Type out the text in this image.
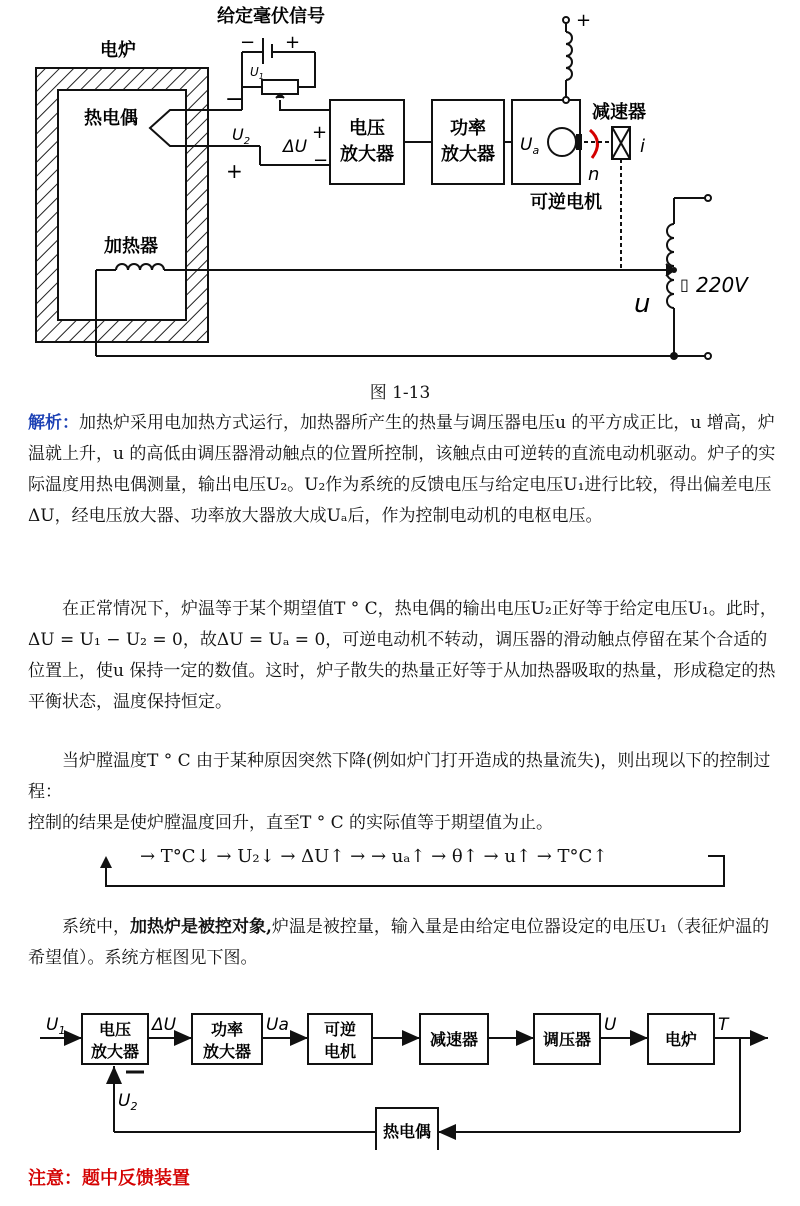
电炉
热电偶
$U_2$
−
+
给定毫伏信号
− +
$U_1$
ΔU
+
−
电压
放大器
功率
放大器 $U_a$
可逆电机
n
减速器
i
+
▯ 220V
u
加热器
图 1-13
解析：加热炉采用电加热方式运行，加热器所产生的热量与调压器电压u 的平方成正比，u 增高，炉温就上升，u 的高低由调压器滑动触点的位置所控制，该触点由可逆转的直流电动机驱动。炉子的实际温度用热电偶测量，输出电压U₂。U₂作为系统的反馈电压与给定电压U₁进行比较，得出偏差电压ΔU，经电压放大器、功率放大器放大成Uₐ后，作为控制电动机的电枢电压。
在正常情况下，炉温等于某个期望值T ° C，热电偶的输出电压U₂正好等于给定电压U₁。此时，ΔU = U₁ − U₂ = 0，故ΔU = Uₐ = 0，可逆电动机不转动，调压器的滑动触点停留在某个合适的位置上，使u 保持一定的数值。这时，炉子散失的热量正好等于从加热器吸取的热量，形成稳定的热平衡状态，温度保持恒定。
当炉膛温度T ° C 由于某种原因突然下降(例如炉门打开造成的热量流失)，则出现以下的控制过程：
控制的结果是使炉膛温度回升，直至T ° C 的实际值等于期望值为止。
→ T°C↓ → U₂↓ → ΔU↑ → → uₐ↑ → θ↑ → u↑ → T°C↑
系统中，加热炉是被控对象,炉温是被控量，输入量是由给定电位器设定的电压U₁（表征炉温的希望值）。系统方框图见下图。
$U_1$ 电压
放大器
ΔU 功率
放大器
Ua 可逆
电机
减速器	调压器
U
电炉
T
热电偶
$U_2$
注意：题中反馈装置
